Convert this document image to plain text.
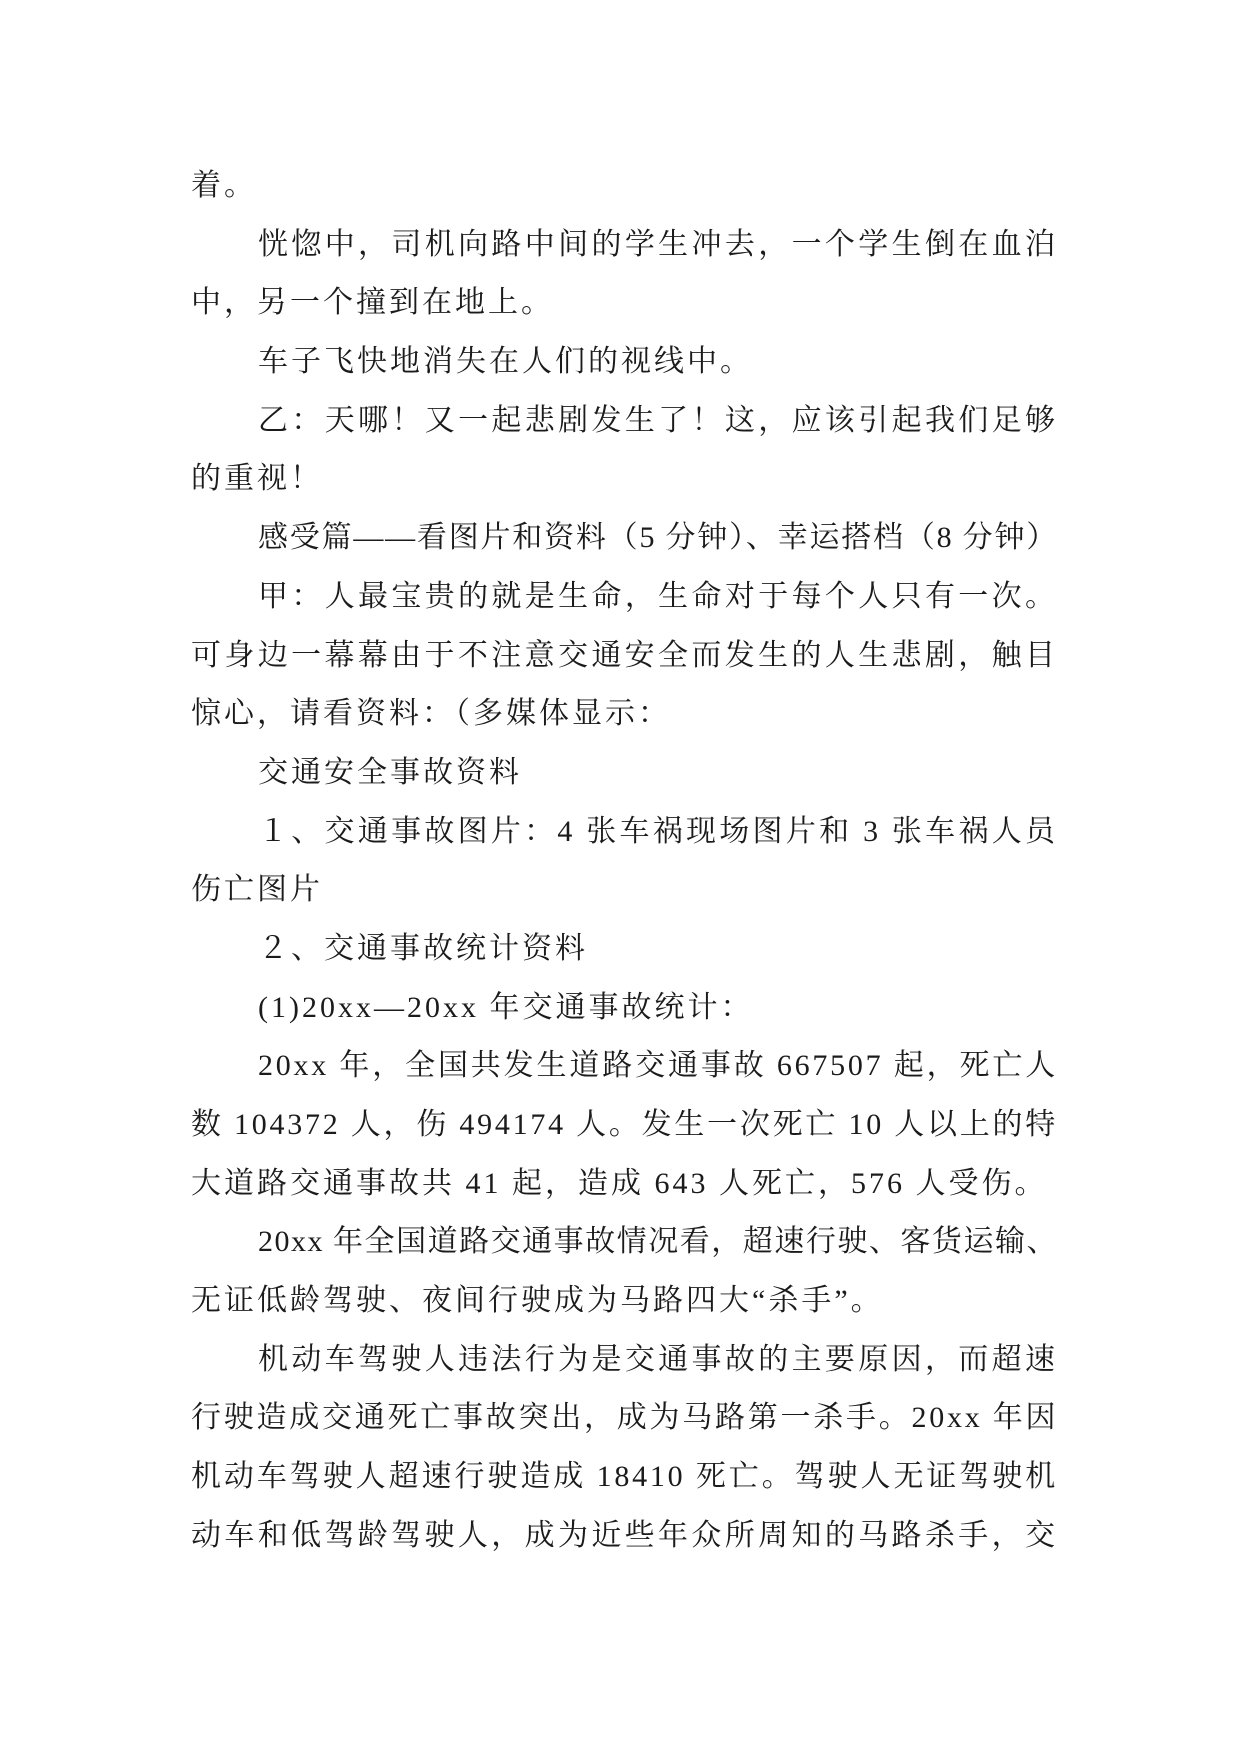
着。
恍惚中，司机向路中间的学生冲去，一个学生倒在血泊
中，另一个撞到在地上。
车子飞快地消失在人们的视线中。
乙：天哪！又一起悲剧发生了！这，应该引起我们足够
的重视！
感受篇——看图片和资料（5 分钟）、幸运搭档（8 分钟）
甲：人最宝贵的就是生命，生命对于每个人只有一次。
可身边一幕幕由于不注意交通安全而发生的人生悲剧，触目
惊心，请看资料：（多媒体显示：
交通安全事故资料
１、交通事故图片：4 张车祸现场图片和 3 张车祸人员
伤亡图片
２、交通事故统计资料
(1)20xx—20xx 年交通事故统计：
20xx 年，全国共发生道路交通事故 667507 起，死亡人
数 104372 人，伤 494174 人。发生一次死亡 10 人以上的特
大道路交通事故共 41 起，造成 643 人死亡，576 人受伤。
20xx 年全国道路交通事故情况看，超速行驶、客货运输、
无证低龄驾驶、夜间行驶成为马路四大“杀手”。
机动车驾驶人违法行为是交通事故的主要原因，而超速
行驶造成交通死亡事故突出，成为马路第一杀手。20xx 年因
机动车驾驶人超速行驶造成 18410 死亡。驾驶人无证驾驶机
动车和低驾龄驾驶人，成为近些年众所周知的马路杀手，交
